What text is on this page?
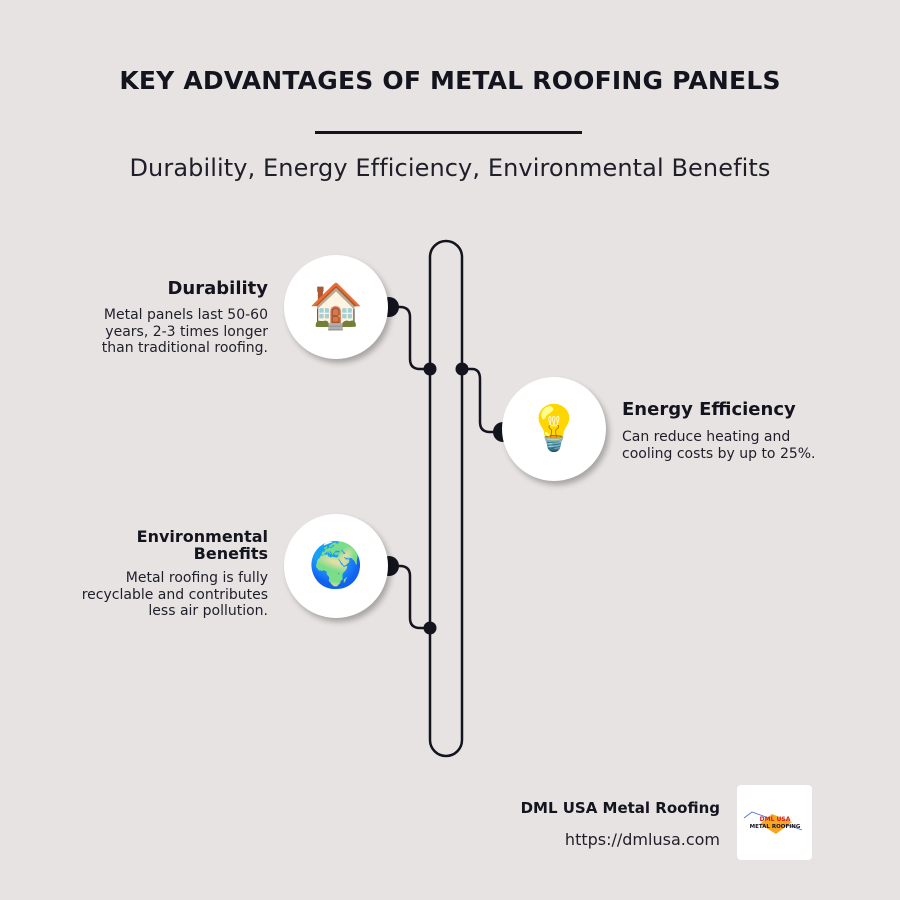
KEY ADVANTAGES OF METAL ROOFING PANELS
Durability, Energy Efficiency, Environmental Benefits
🏠
Durability
Metal panels last 50-60
years, 2-3 times longer
than traditional roofing.
💡 Energy Efficiency
Can reduce heating and
cooling costs by up to 25%.
🌍
Environmental
Benefits
Metal roofing is fully
recyclable and contributes
less air pollution.
DML USA Metal Roofing
https://dmlusa.com
DML USA
METAL ROOFING
